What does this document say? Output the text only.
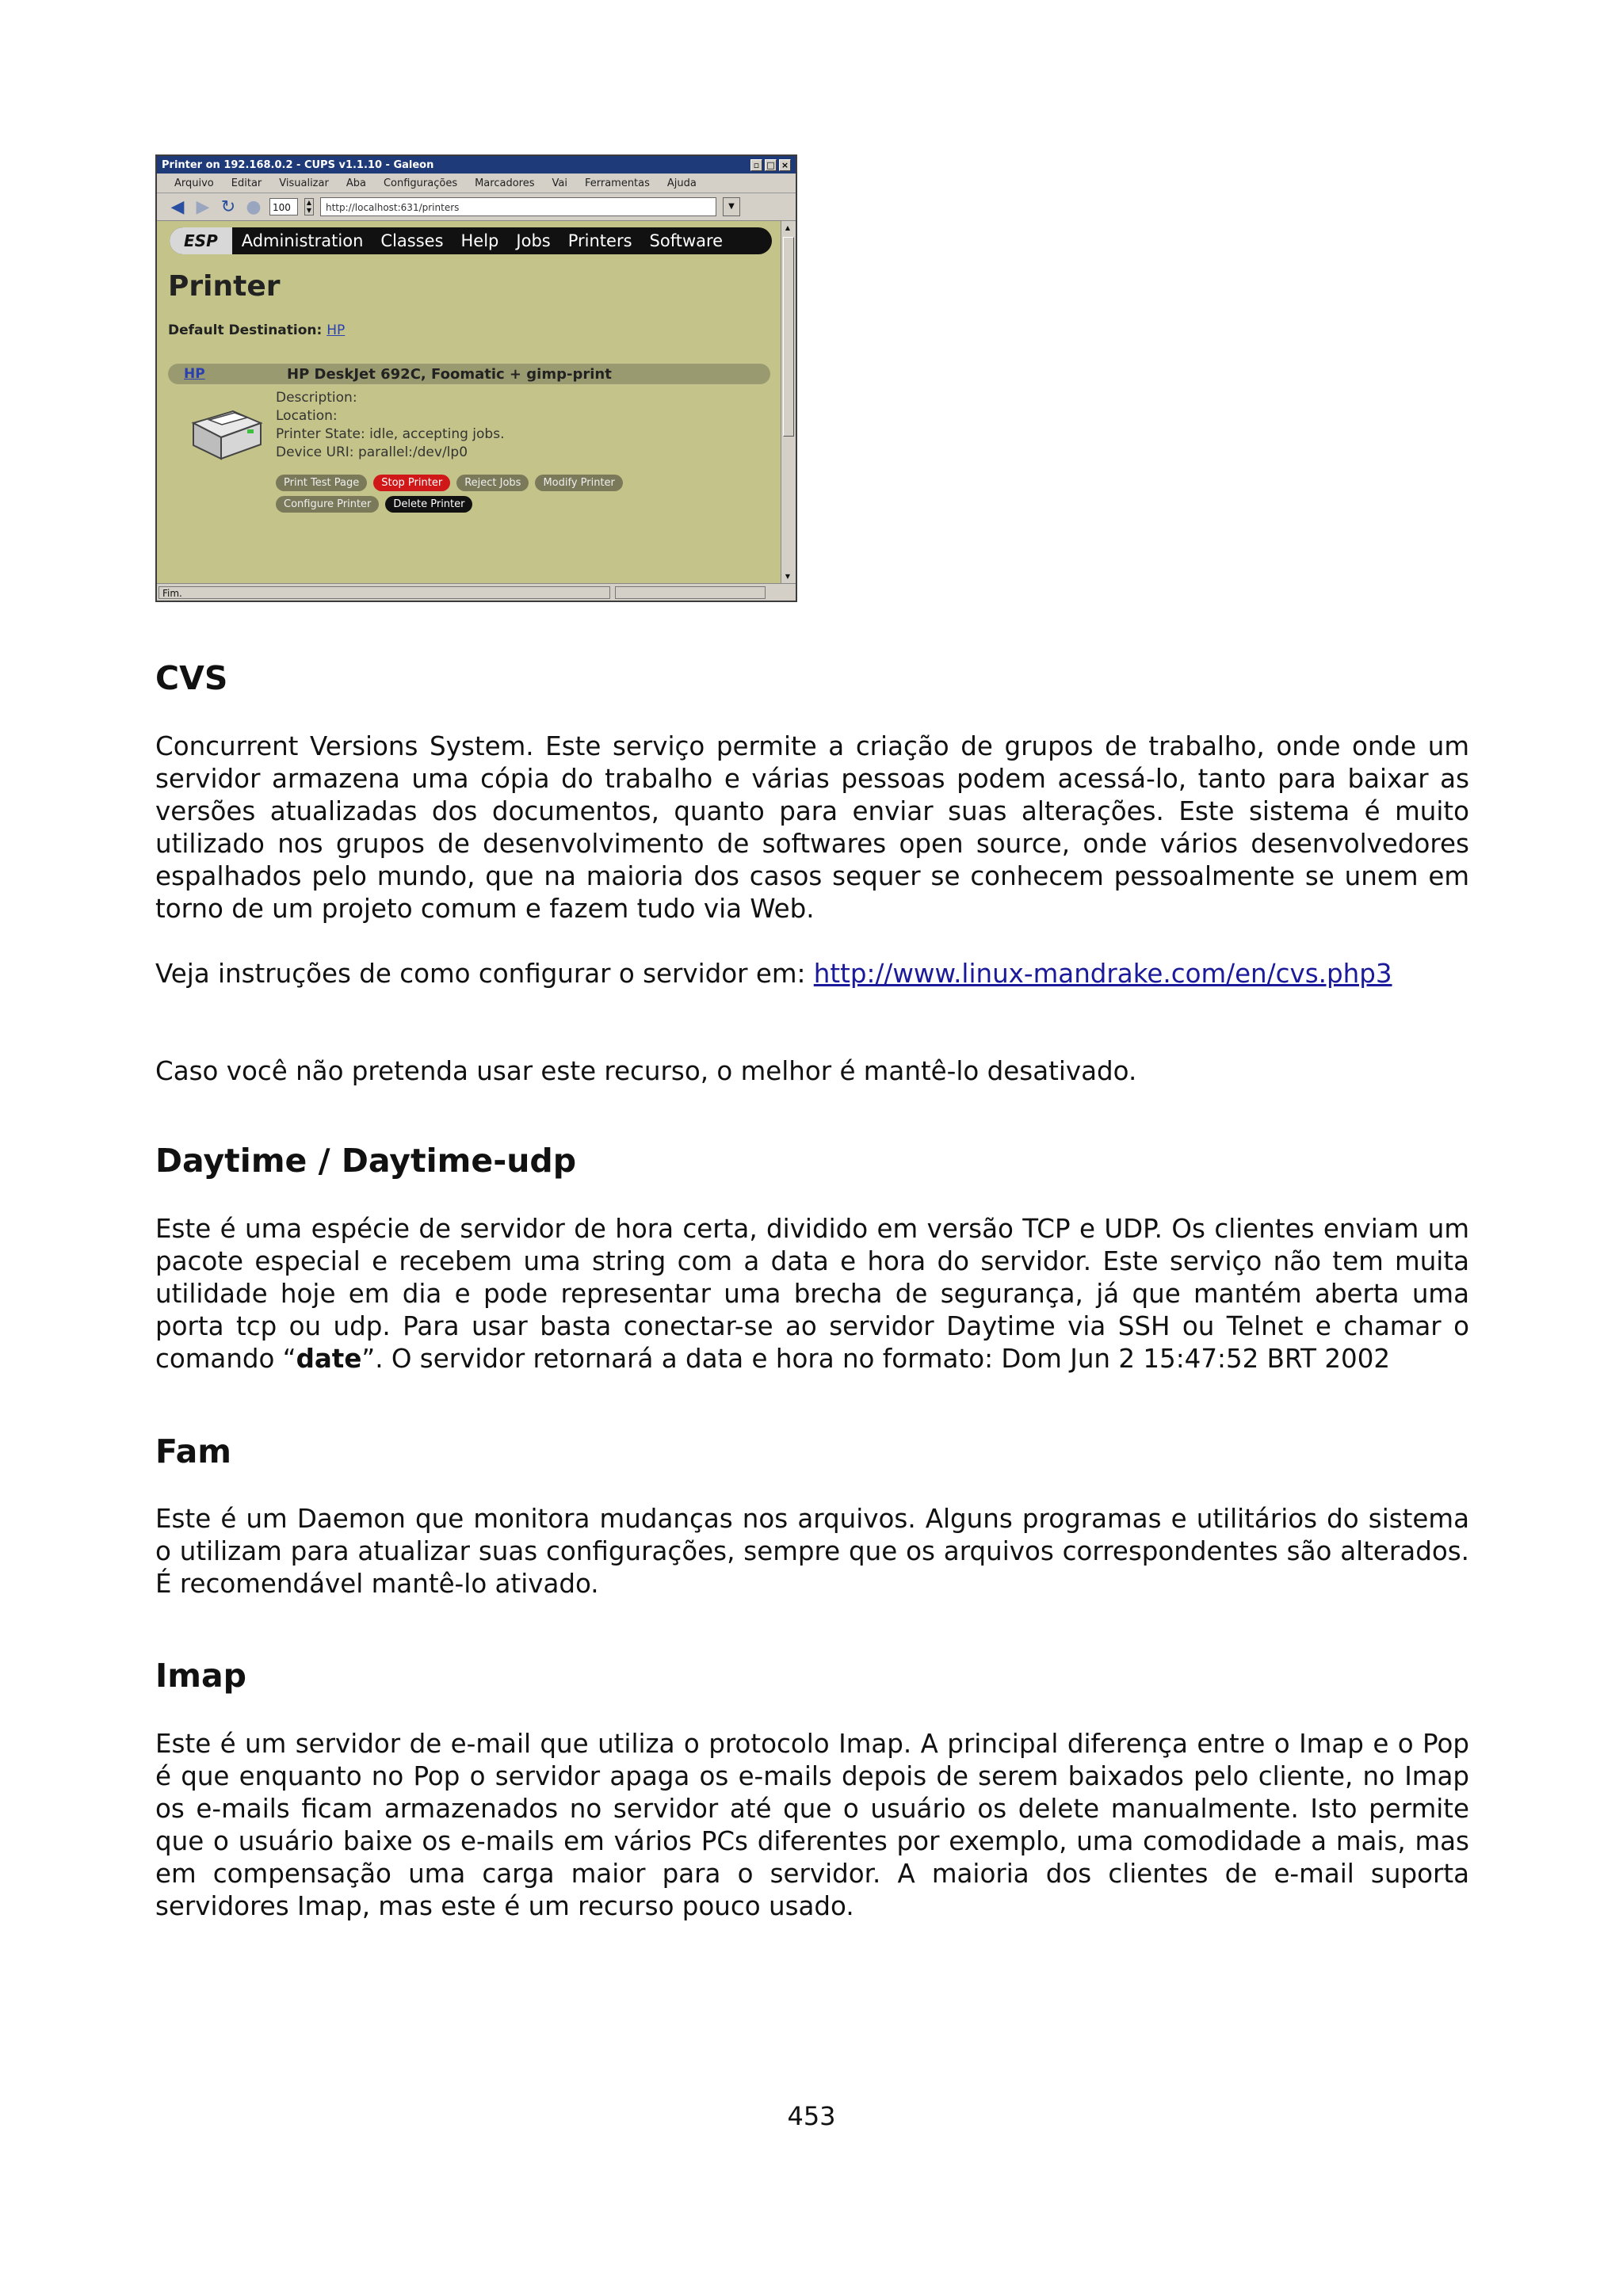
Printer on 192.168.0.2 - CUPS v1.1.10 - Galeon	▫ □ ×
Arquivo Editar Visualizar Aba Configurações Marcadores Vai Ferramentas Ajuda
◀ ▶ ↻ ●	100	▲
▼	http://localhost:631/printers	▼
ESP	Administration Classes Help Jobs Printers Software
Printer
Default Destination: HP
HP	HP DeskJet 692C, Foomatic + gimp-print
Description:
Location:
Printer State: idle, accepting jobs.
Device URI: parallel:/dev/lp0
Print Test Page	Stop Printer	Reject Jobs	Modify Printer
Configure Printer	Delete Printer
▲
▼
Fim.
CVS

Concurrent Versions System. Este serviço permite a criação de grupos de trabalho, onde onde um servidor armazena uma cópia do trabalho e várias pessoas podem acessá-lo, tanto para baixar as versões atualizadas dos documentos, quanto para enviar suas alterações. Este sistema é muito utilizado nos grupos de desenvolvimento de softwares open source, onde vários desenvolvedores espalhados pelo mundo, que na maioria dos casos sequer se conhecem pessoalmente se unem em torno de um projeto comum e fazem tudo via Web.

Veja instruções de como configurar o servidor em: http://www.linux-mandrake.com/en/cvs.php3

Caso você não pretenda usar este recurso, o melhor é mantê-lo desativado.

Daytime / Daytime-udp

Este é uma espécie de servidor de hora certa, dividido em versão TCP e UDP. Os clientes enviam um pacote especial e recebem uma string com a data e hora do servidor. Este serviço não tem muita utilidade hoje em dia e pode representar uma brecha de segurança, já que mantém aberta uma porta tcp ou udp. Para usar basta conectar-se ao servidor Daytime via SSH ou Telnet e chamar o comando “date”. O servidor retornará a data e hora no formato: Dom Jun 2 15:47:52 BRT 2002

Fam

Este é um Daemon que monitora mudanças nos arquivos. Alguns programas e utilitários do sistema o utilizam para atualizar suas configurações, sempre que os arquivos correspondentes são alterados. É recomendável mantê-lo ativado.

Imap

Este é um servidor de e-mail que utiliza o protocolo Imap. A principal diferença entre o Imap e o Pop é que enquanto no Pop o servidor apaga os e-mails depois de serem baixados pelo cliente, no Imap os e-mails ficam armazenados no servidor até que o usuário os delete manualmente. Isto permite que o usuário baixe os e-mails em vários PCs diferentes por exemplo, uma comodidade a mais, mas em compensação uma carga maior para o servidor. A maioria dos clientes de e-mail suporta servidores Imap, mas este é um recurso pouco usado.

453
